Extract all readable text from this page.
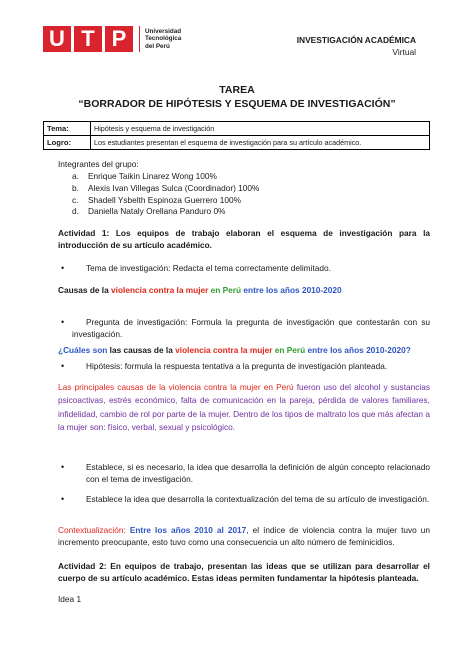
U T P	Universidad
Tecnológica
del Perú
INVESTIGACIÓN ACADÉMICA
Virtual
TAREA
“BORRADOR DE HIPÓTESIS Y ESQUEMA DE INVESTIGACIÓN”
Tema:	Hipótesis y esquema de investigación
Logro:	Los estudiantes presentan el esquema de investigación para su artículo académico.
Integrantes del grupo:
a. Enrique Taikin Linarez Wong 100%
b. Alexis Ivan Villegas Sulca (Coordinador) 100%
c. Shadell Ysbelth Espinoza Guerrero 100%
d. Daniella Nataly Orellana Panduro 0%
Actividad 1: Los equipos de trabajo elaboran el esquema de investigación para la introducción de su artículo académico.
•	Tema de investigación: Redacta el tema correctamente delimitado.
Causas de la violencia contra la mujer en Perú entre los años 2010-2020
•	Pregunta de investigación: Formula la pregunta de investigación que contestarán con su investigación.
¿Cuáles son las causas de la violencia contra la mujer en Perú entre los años 2010-2020?
•	Hipótesis: formula la respuesta tentativa a la pregunta de investigación planteada.
Las principales causas de la violencia contra la mujer en Perú fueron uso del alcohol y sustancias psicoactivas, estrés económico, falta de comunicación en la pareja, pérdida de valores familiares, infidelidad, cambio de rol por parte de la mujer. Dentro de los tipos de maltrato los que más afectan a la mujer son: físico, verbal, sexual y psicológico.
•	Establece, si es necesario, la idea que desarrolla la definición de algún concepto relacionado con el tema de investigación.
•	Establece la idea que desarrolla la contextualización del tema de su artículo de investigación.
Contextualización: Entre los años 2010 al 2017, el índice de violencia contra la mujer tuvo un incremento preocupante, esto tuvo como una consecuencia un alto número de feminicidios.
Actividad 2: En equipos de trabajo, presentan las ideas que se utilizan para desarrollar el cuerpo de su artículo académico. Estas ideas permiten fundamentar la hipótesis planteada.
Idea 1
